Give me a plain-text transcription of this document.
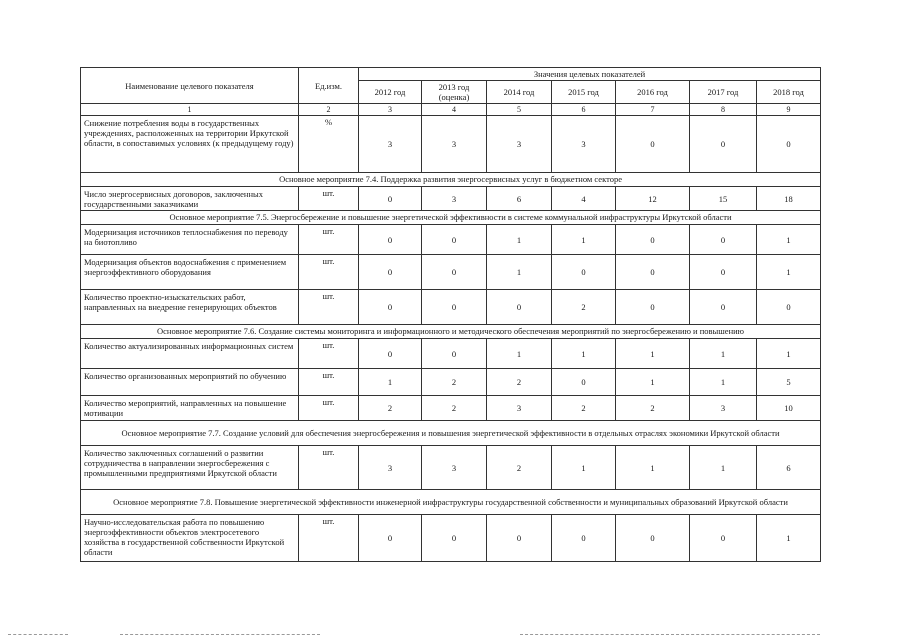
Наименование целевого показателя	Ед.изм.	Значения целевых показателей						
		2012 год	2013 год (оценка)	2014 год	2015 год	2016 год	2017 год	2018 год
1	2	3	4	5	6	7	8	9
Снижение потребления воды в государственных учреждениях, расположенных на территории Иркутской области, в сопоставимых условиях (к предыдущему году)	%	3	3	3	3	0	0	0
Основное мероприятие 7.4. Поддержка развития энергосервисных услуг в бюджетном секторе								
Число энергосервисных договоров, заключенных государственными заказчиками	шт.	0	3	6	4	12	15	18
Основное мероприятие 7.5. Энергосбережение и повышение энергетической эффективности в системе коммунальной инфраструктуры Иркутской области								
Модернизация источников теплоснабжения по переводу на биотопливо	шт.	0	0	1	1	0	0	1
Модернизация объектов водоснабжения с применением энергоэффективного оборудования	шт.	0	0	1	0	0	0	1
Количество проектно-изыскательских работ, направленных на внедрение генерирующих объектов	шт.	0	0	0	2	0	0	0
Основное мероприятие 7.6. Создание системы мониторинга и информационного и методического обеспечения мероприятий по энергосбережению и повышению								
Количество актуализированных информационных систем	шт.	0	0	1	1	1	1	1
Количество организованных мероприятий по обучению	шт.	1	2	2	0	1	1	5
Количество мероприятий, направленных на повышение мотивации	шт.	2	2	3	2	2	3	10
Основное мероприятие 7.7. Создание условий для обеспечения энергосбережения и повышения энергетической эффективности в отдельных отраслях экономики Иркутской области								
Количество заключенных соглашений о развитии сотрудничества в направлении энергосбережения с промышленными предприятиями Иркутской области	шт.	3	3	2	1	1	1	6
Основное мероприятие 7.8. Повышение энергетической эффективности инженерной инфраструктуры государственной собственности и муниципальных образований Иркутской области								
Научно-исследовательская работа по повышению энергоэффективности объектов электросетевого хозяйства в государственной собственности Иркутской области	шт.	0	0	0	0	0	0	1
